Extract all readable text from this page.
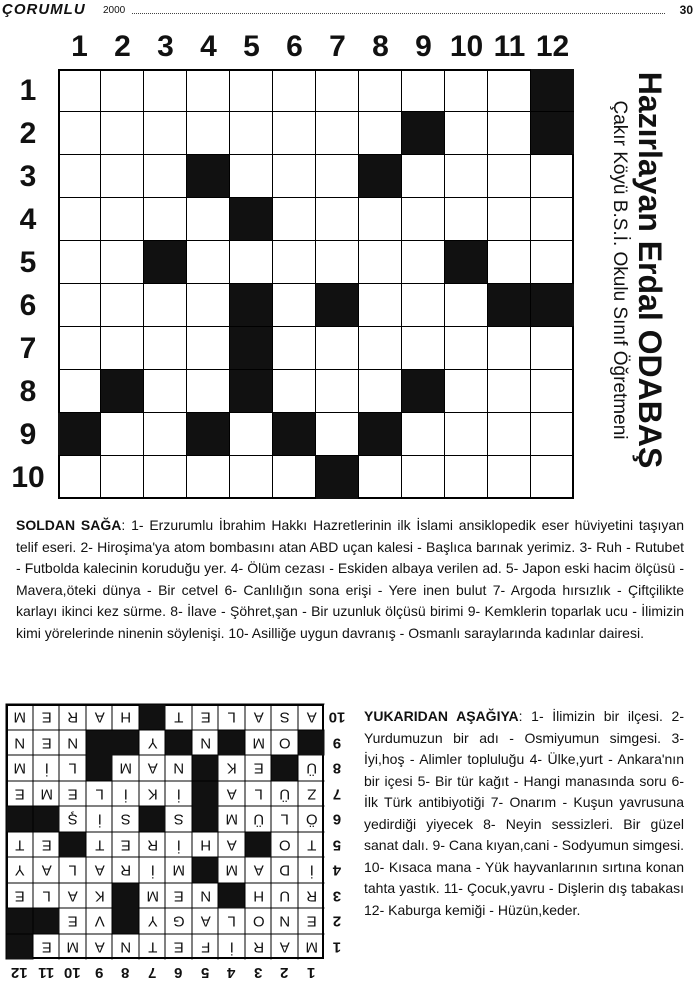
ÇORUMLU 2000	30
1 2 3 4 5 6 7 8 9 10 11 12
1
2
3
4
5
6
7
8
9
10
Hazırlayan Erdal ODABAŞ
Çakır Köyü B.S.İ. Okulu Sınıf Öğretmeni
SOLDAN SAĞA: 1- Erzurumlu İbrahim Hakkı Hazretlerinin ilk İslami ansiklopedik eser hüviyetini taşıyan telif eseri. 2- Hiroşima'ya atom bombasını atan ABD uçan kalesi - Başlıca barınak yerimiz. 3- Ruh - Rutubet - Futbolda kalecinin koruduğu yer. 4- Ölüm cezası - Eskiden albaya verilen ad. 5- Japon eski hacim ölçüsü - Mavera,öteki dünya - Bir cetvel 6- Canlılığın sona erişi - Yere inen bulut 7- Argoda hırsızlık - Çiftçilikte karlayı ikinci kez sürme. 8- İlave - Şöhret,şan - Bir uzunluk ölçüsü birimi 9- Kemklerin toparlak ucu - İlimizin kimi yörelerinde ninenin söylenişi. 10- Asilliğe uygun davranış - Osmanlı saraylarında kadınlar dairesi.
M
A
R
İ
F
E
T
N
A
M
E
E
N
O
L
A
G
Y
V
E
R
U
H
N
E
M
K
A
L
E
İ
D
A
M
M
İ
R
A
L
A
Y
T
O
A
H
İ
R
E
T
E
T
Ö
L
Ü
M
S
S
İ
Ş
Z
Ü
L
A
İ
K
İ
L
E
M
E
Ü
E
K
N
A
M
L
İ
M
O
M
N
Y
N
E
N
A
S
A
L
E
T
H
A
R
E
M
1
2
3
4
5
6
7
8
9
10
1
2
3
4
5
6
7
8
9
10
11
12
YUKARIDAN AŞAĞIYA: 1- İlimizin bir ilçesi. 2- Yurdumuzun bir adı - Osmiyumun simgesi. 3- İyi,hoş - Alimler topluluğu 4- Ülke,yurt - Ankara'nın bir içesi 5- Bir tür kağıt - Hangi manasında soru 6- İlk Türk antibiyotiği 7- Onarım - Kuşun yavrusuna yedirdiği yiyecek 8- Neyin sessizleri. Bir güzel sanat dalı. 9- Cana kıyan,cani - Sodyumun simgesi. 10- Kısaca mana - Yük hayvanlarının sırtına konan tahta yastık. 11- Çocuk,yavru - Dişlerin dış tabakası 12- Kaburga kemiği - Hüzün,keder.
